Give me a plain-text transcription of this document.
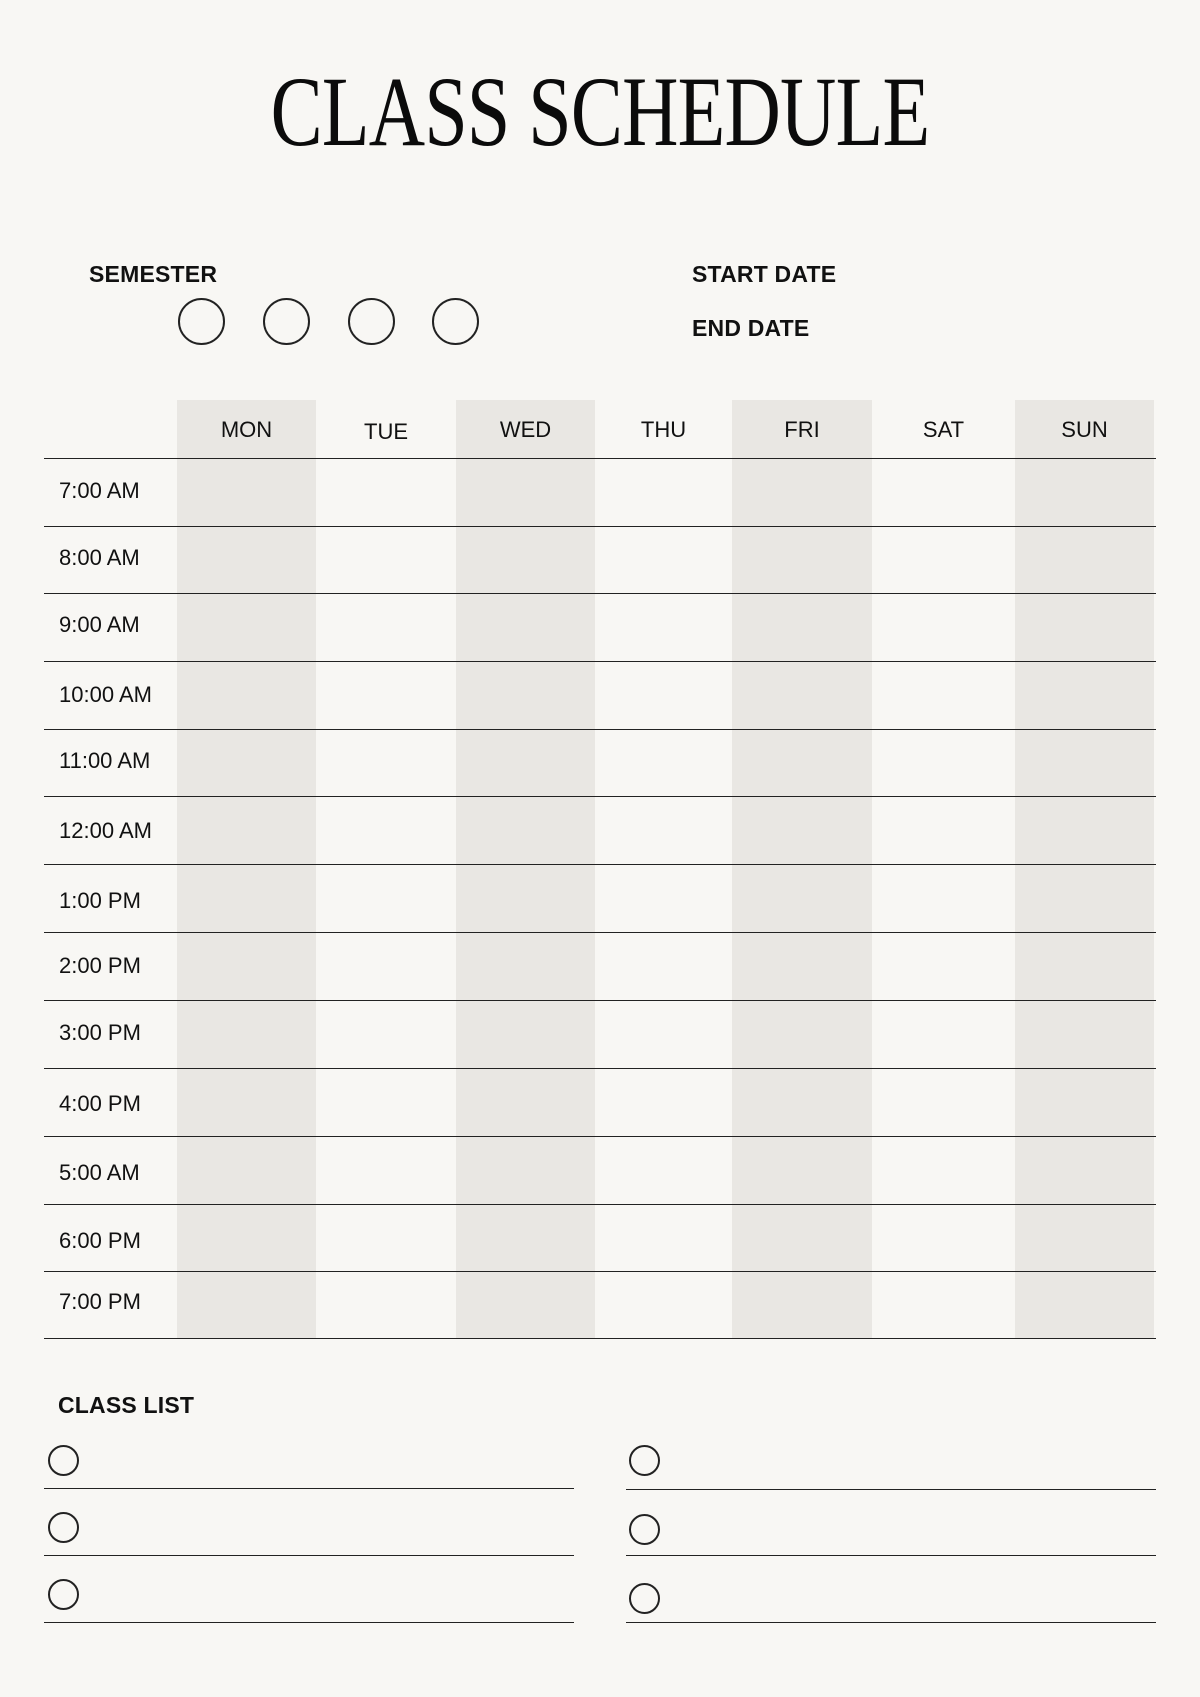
CLASS SCHEDULE
SEMESTER	START DATE
END DATE
MON	TUE	WED	THU	FRI	SAT	SUN
7:00 AM
8:00 AM
9:00 AM
10:00 AM
11:00 AM
12:00 AM
1:00 PM
2:00 PM
3:00 PM
4:00 PM
5:00 AM
6:00 PM
7:00 PM
CLASS LIST
